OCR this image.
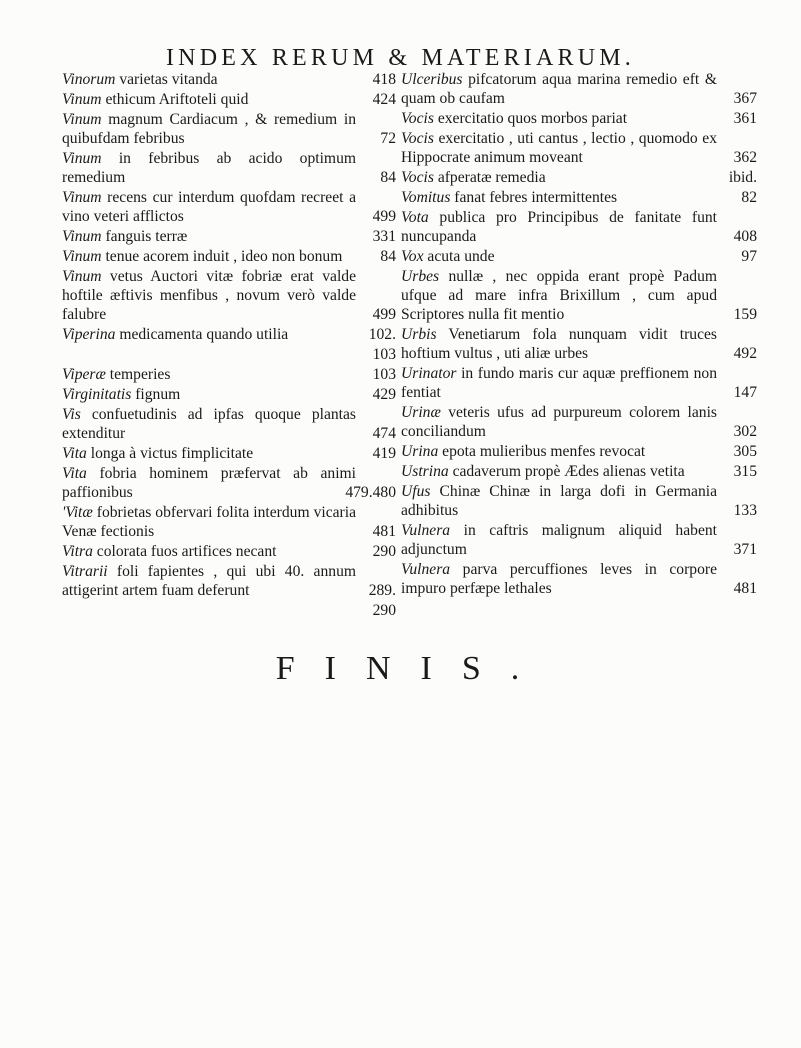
INDEX RERUM & MATERIARUM.
Vinorum varietas vitanda	418
Vinum ethicum Ariftoteli quid	424
Vinum magnum Cardiacum , & remedium in quibufdam febribus	72
Vinum in febribus ab acido optimum remedium	84
Vinum recens cur interdum quofdam recreet a vino veteri afflictos	499
Vinum fanguis terræ	331
Vinum tenue acorem induit , ideo non bonum	84
Vinum vetus Auctori vitæ fobriæ erat valde hoftile æftivis menfibus , novum verò valde falubre	499
Viperina medicamenta quando utilia	102.
103
Viperæ temperies	103
Virginitatis fignum	429
Vis confuetudinis ad ipfas quoque plantas extenditur	474
Vita longa à victus fimplicitate	419
Vita fobria hominem præfervat ab animi paffionibus	479.480
'Vitæ fobrietas obfervari folita interdum vicaria Venæ fectionis	481
Vitra colorata fuos artifices necant	290
Vitrarii foli fapientes , qui ubi 40. annum attigerint artem fuam deferunt	289.
290
Ulceribus pifcatorum aqua marina remedio eft & quam ob caufam	367
Vocis exercitatio quos morbos pariat	361
Vocis exercitatio , uti cantus , lectio , quomodo ex Hippocrate animum moveant	362
Vocis afperatæ remedia	ibid.
Vomitus fanat febres intermittentes	82
Vota publica pro Principibus de fanitate funt nuncupanda	408
Vox acuta unde	97
Urbes nullæ , nec oppida erant propè Padum ufque ad mare infra Brixillum , cum apud Scriptores nulla fit mentio	159
Urbis Venetiarum fola nunquam vidit truces hoftium vultus , uti aliæ urbes	492
Urinator in fundo maris cur aquæ preffionem non fentiat	147
Urinæ veteris ufus ad purpureum colorem lanis conciliandum	302
Urina epota mulieribus menfes revocat	305
Ustrina cadaverum propè Ædes alienas vetita	315
Ufus Chinæ Chinæ in larga dofi in Germania adhibitus	133
Vulnera in caftris malignum aliquid habent adjunctum	371
Vulnera parva percuffiones leves in corpore impuro perfæpe lethales	481
FINIS.
